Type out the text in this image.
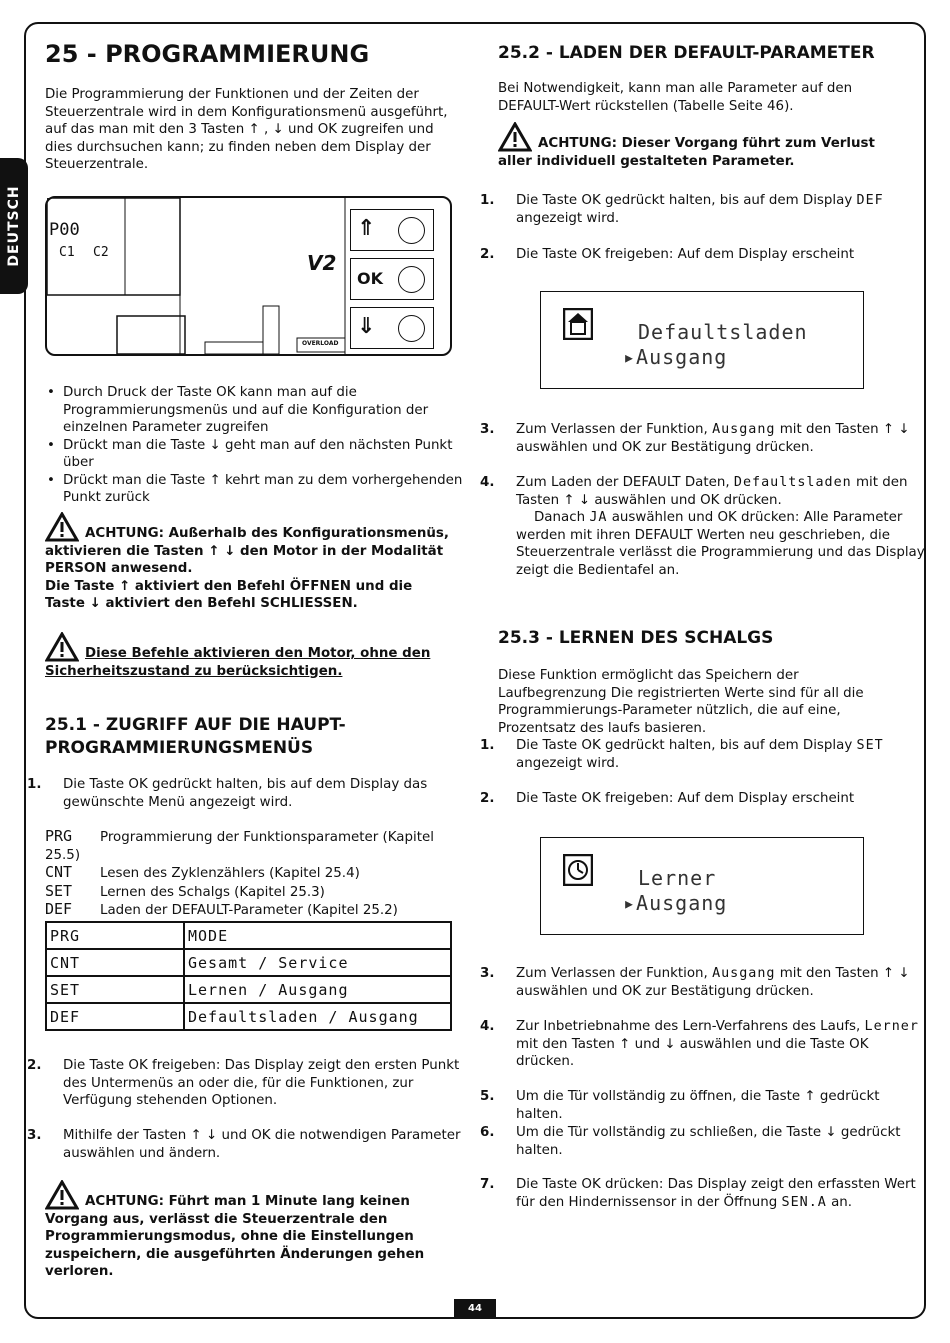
DEUTSCH
25 - PROGRAMMIERUNG
Die Programmierung der Funktionen und der Zeiten der Steuerzentrale wird in dem Konfigurationsmenü ausgeführt, auf das man mit den 3 Tasten ↑ , ↓ und OK zugreifen und dies durchsuchen kann; zu finden neben dem Display der Steuerzentrale.
P00
C1 C2	V2
OVERLOAD
⇑
OK
⇓
• Durch Druck der Taste OK kann man auf die Programmierungsmenüs und auf die Konfiguration der einzelnen Parameter zugreifen
• Drückt man die Taste ↓ geht man auf den nächsten Punkt über
• Drückt man die Taste ↑ kehrt man zu dem vorhergehenden Punkt zurück
ACHTUNG: Außerhalb des Konfigurationsmenüs, aktivieren die Tasten ↑ ↓ den Motor in der Modalität PERSON anwesend.
Die Taste ↑ aktiviert den Befehl ÖFFNEN und die Taste ↓ aktiviert den Befehl SCHLIESSEN.
Diese Befehle aktivieren den Motor, ohne den Sicherheitszustand zu berücksichtigen.
25.1 - ZUGRIFF AUF DIE HAUPT-PROGRAMMIERUNGSMENÜS
1. Die Taste OK gedrückt halten, bis auf dem Display das gewünschte Menü angezeigt wird.
PRG Programmierung der Funktionsparameter (Kapitel 25.5)
CNT Lesen des Zyklenzählers (Kapitel 25.4)
SET Lernen des Schalgs (Kapitel 25.3)
DEF Laden der DEFAULT-Parameter (Kapitel 25.2)
PRG	MODE
CNT	Gesamt / Service
SET	Lernen / Ausgang
DEF	Defaultsladen / Ausgang
2. Die Taste OK freigeben: Das Display zeigt den ersten Punkt des Untermenüs an oder die, für die Funktionen, zur Verfügung stehenden Optionen.
3. Mithilfe der Tasten ↑ ↓ und OK die notwendigen Parameter auswählen und ändern.
ACHTUNG: Führt man 1 Minute lang keinen Vorgang aus, verlässt die Steuerzentrale den Programmierungsmodus, ohne die Einstellungen zuspeichern, die ausgeführten Änderungen gehen verloren.
25.2 - LADEN DER DEFAULT-PARAMETER
Bei Notwendigkeit, kann man alle Parameter auf den DEFAULT-Wert rückstellen (Tabelle Seite 46).
ACHTUNG: Dieser Vorgang führt zum Verlust aller individuell gestalteten Parameter.
1. Die Taste OK gedrückt halten, bis auf dem Display DEF angezeigt wird.
2. Die Taste OK freigeben: Auf dem Display erscheint
Defaultsladen
▸Ausgang
3. Zum Verlassen der Funktion, Ausgang mit den Tasten ↑ ↓ auswählen und OK zur Bestätigung drücken.
4. Zum Laden der DEFAULT Daten, Defaultsladen mit den Tasten ↑ ↓ auswählen und OK drücken.
Danach JA auswählen und OK drücken: Alle Parameter werden mit ihren DEFAULT Werten neu geschrieben, die Steuerzentrale verlässt die Programmierung und das Display zeigt die Bedientafel an.
25.3 - LERNEN DES SCHALGS
Diese Funktion ermöglicht das Speichern der Laufbegrenzung Die registrierten Werte sind für all die Programmierungs-Parameter nützlich, die auf eine, Prozentsatz des laufs basieren.
1. Die Taste OK gedrückt halten, bis auf dem Display SET angezeigt wird.
2. Die Taste OK freigeben: Auf dem Display erscheint
Lerner
▸Ausgang
3. Zum Verlassen der Funktion, Ausgang mit den Tasten ↑ ↓ auswählen und OK zur Bestätigung drücken.
4. Zur Inbetriebnahme des Lern-Verfahrens des Laufs, Lerner mit den Tasten ↑ und ↓ auswählen und die Taste OK drücken.
5. Um die Tür vollständig zu öffnen, die Taste ↑ gedrückt halten.
6. Um die Tür vollständig zu schließen, die Taste ↓ gedrückt halten.
7. Die Taste OK drücken: Das Display zeigt den erfassten Wert für den Hindernissensor in der Öffnung SEN.A an.
44
